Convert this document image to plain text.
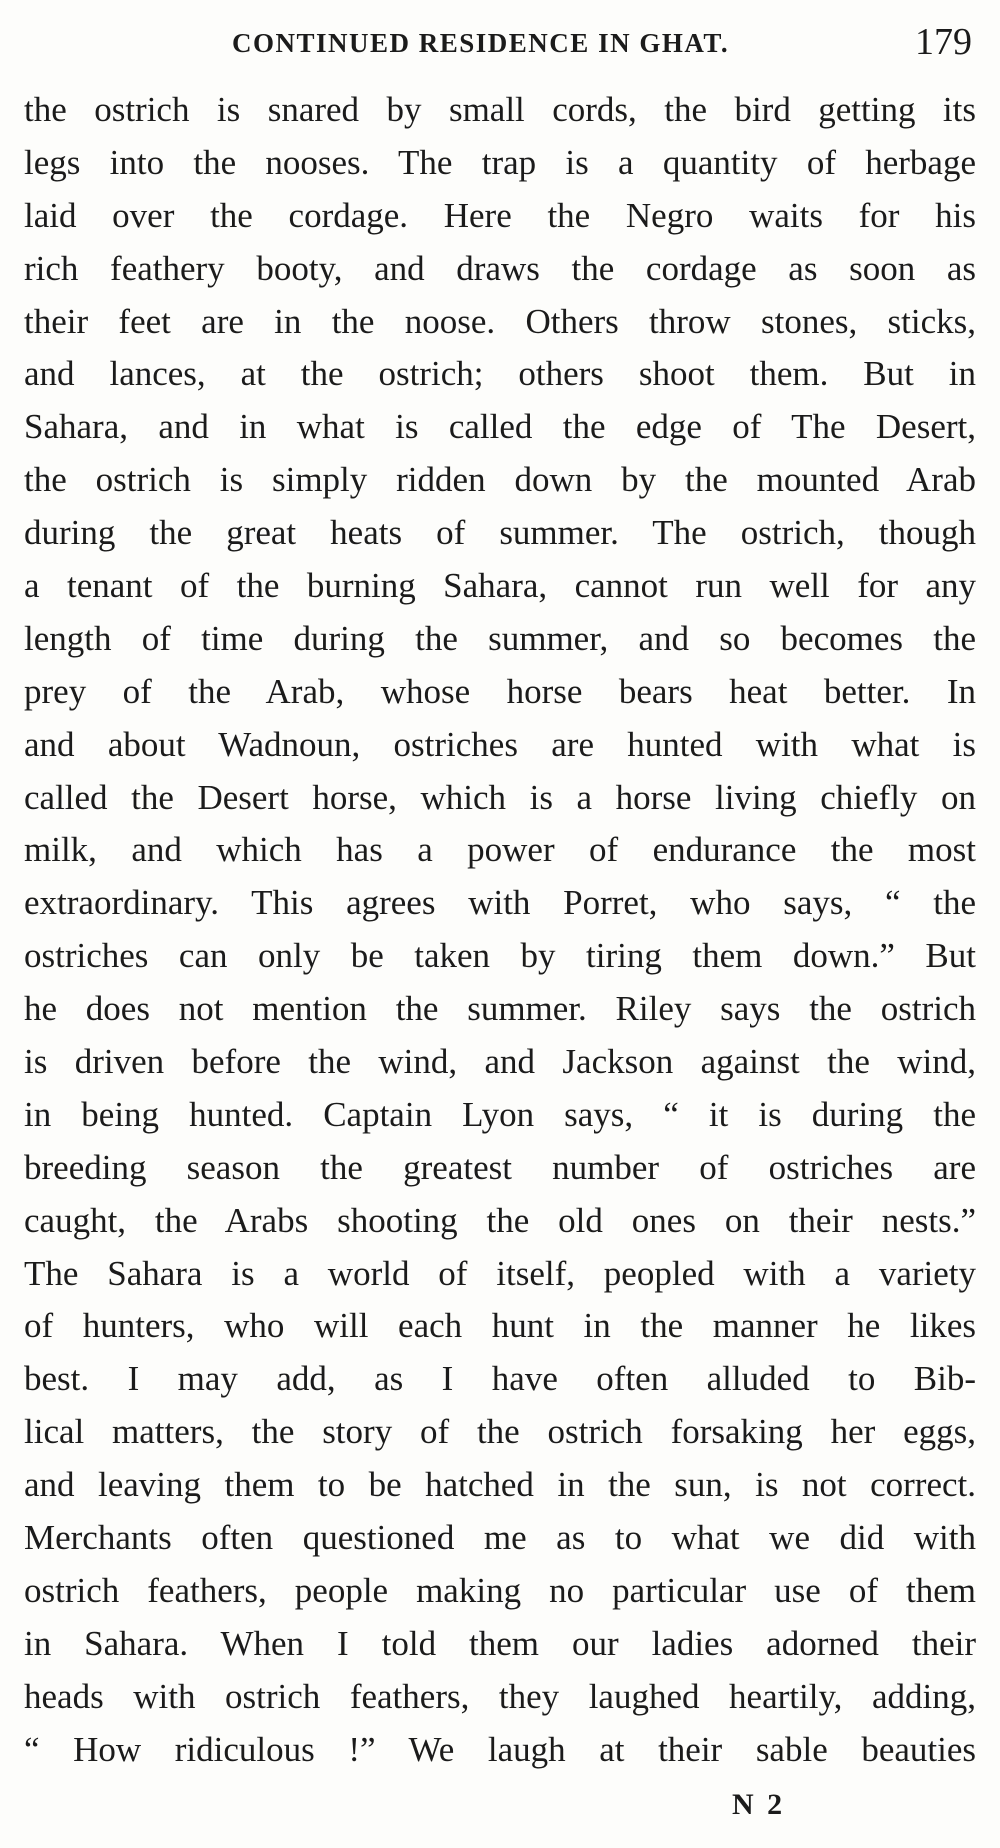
CONTINUED RESIDENCE IN GHAT.	179
the ostrich is snared by small cords, the bird getting its
legs into the nooses. The trap is a quantity of herbage
laid over the cordage. Here the Negro waits for his
rich feathery booty, and draws the cordage as soon as
their feet are in the noose. Others throw stones, sticks,
and lances, at the ostrich; others shoot them. But in
Sahara, and in what is called the edge of The Desert,
the ostrich is simply ridden down by the mounted Arab
during the great heats of summer. The ostrich, though
a tenant of the burning Sahara, cannot run well for any
length of time during the summer, and so becomes the
prey of the Arab, whose horse bears heat better. In
and about Wadnoun, ostriches are hunted with what is
called the Desert horse, which is a horse living chiefly on
milk, and which has a power of endurance the most
extraordinary. This agrees with Porret, who says, “ the
ostriches can only be taken by tiring them down.” But
he does not mention the summer. Riley says the ostrich
is driven before the wind, and Jackson against the wind,
in being hunted. Captain Lyon says, “ it is during the
breeding season the greatest number of ostriches are
caught, the Arabs shooting the old ones on their nests.”
The Sahara is a world of itself, peopled with a variety
of hunters, who will each hunt in the manner he likes
best. I may add, as I have often alluded to Bib-
lical matters, the story of the ostrich forsaking her eggs,
and leaving them to be hatched in the sun, is not correct.
Merchants often questioned me as to what we did with
ostrich feathers, people making no particular use of them
in Sahara. When I told them our ladies adorned their
heads with ostrich feathers, they laughed heartily, adding,
“ How ridiculous !” We laugh at their sable beauties
N 2
